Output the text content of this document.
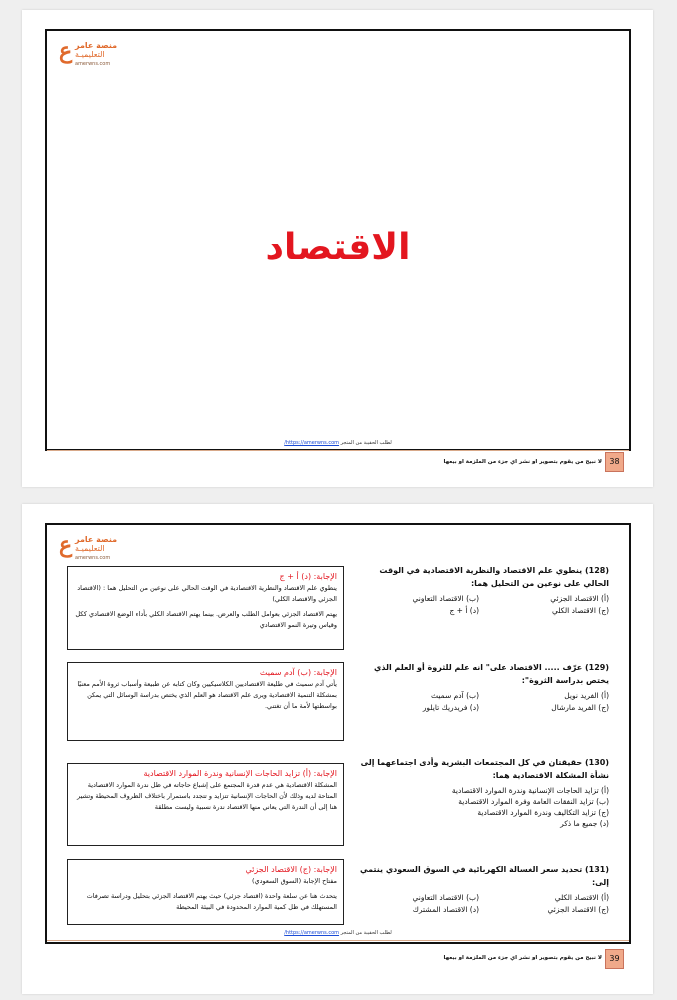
ع منصة عامر
التعليميـة
amerwns.com
الاقتصاد
لطلب الحقيبة من المتجر https://amerwns.com/
لا نبيح من يقوم بتصوير او نشر اي جزء من الملزمة او بيعها 38
ع منصة عامر
التعليميـة
amerwns.com
(128) ينطوي علم الاقتصاد والنظرية الاقتصادية في الوقت الحالي على نوعين من التحليل هما:
(أ) الاقتصاد الجزئي
(ب) الاقتصاد التعاوني
(ج) الاقتصاد الكلي
(د) أ + ج
(129) عرّف ..... الاقتصاد على" انه علم للثروة أو العلم الذي يختص بدراسة الثروة":
(أ) الفريد نويل
(ب) آدم سميث
(ج) الفريد مارشال
(د) فريدريك تايلور
(130) حقيقتان في كل المجتمعات البشرية وأدى اجتماعهما إلى نشأة المشكلة الاقتصادية هما:
(أ) تزايد الحاجات الإنسانية وندرة الموارد الاقتصادية
(ب) تزايد النفقات العامة وفرة الموارد الاقتصادية
(ج) تزايد التكاليف وندرة الموارد الاقتصادية
(د) جميع ما ذكر
(131) تحديد سعر الغسالة الكهربائية في السوق السعودي ينتمي إلى:
(أ) الاقتصاد الكلي
(ب) الاقتصاد التعاوني
(ج) الاقتصاد الجزئي
(د) الاقتصاد المشترك
الإجابة: (د) أ + ج

ينطوي علم الاقتصاد والنظرية الاقتصادية في الوقت الحالي على نوعين من التحليل هما : (الاقتصاد الجزئي والاقتصاد الكلي)

يهتم الاقتصاد الجزئي بعوامل الطلب والعرض. بينما يهتم الاقتصاد الكلي بأداء الوضع الاقتصادي ككل وقياس وتيرة النمو الاقتصادي

الإجابة: (ب) آدم سميث

يأتي آدم سميث في طليعة الاقتصاديين الكلاسيكيين وكان كتابه عن طبيعة وأسباب ثروة الأمم معنيًا بمشكلة التنمية الاقتصادية ويرى علم الاقتصاد هو العلم الذي يختص بدراسة الوسائل التي يمكن بواسطتها لأمة ما أن تغتني.

الإجابة: (أ) تزايد الحاجات الإنسانية وندرة الموارد الاقتصادية

المشكلة الاقتصادية هي عدم قدرة المجتمع على إشباع حاجاته في ظل ندرة الموارد الاقتصادية المتاحة لديه وذلك لأن الحاجات الإنسانية تتزايد و تتجدد باستمرار باختلاف الظروف المحيطة وتشير هنا إلى أن الندرة التي يعاني منها الاقتصاد ندرة نسبية وليست مطلقة

الإجابة: (ج) الاقتصاد الجزئي

مفتاح الإجابة (السوق السعودي)

يتحدث هنا عن سلعة واحدة (اقتصاد جزئي) حيث يهتم الاقتصاد الجزئي بتحليل ودراسة تصرفات المستهلك في ظل كمية الموارد المحدودة في البيئة المحيطة

لطلب الحقيبة من المتجر https://amerwns.com/
لا نبيح من يقوم بتصوير او نشر اي جزء من الملزمة او بيعها 39
